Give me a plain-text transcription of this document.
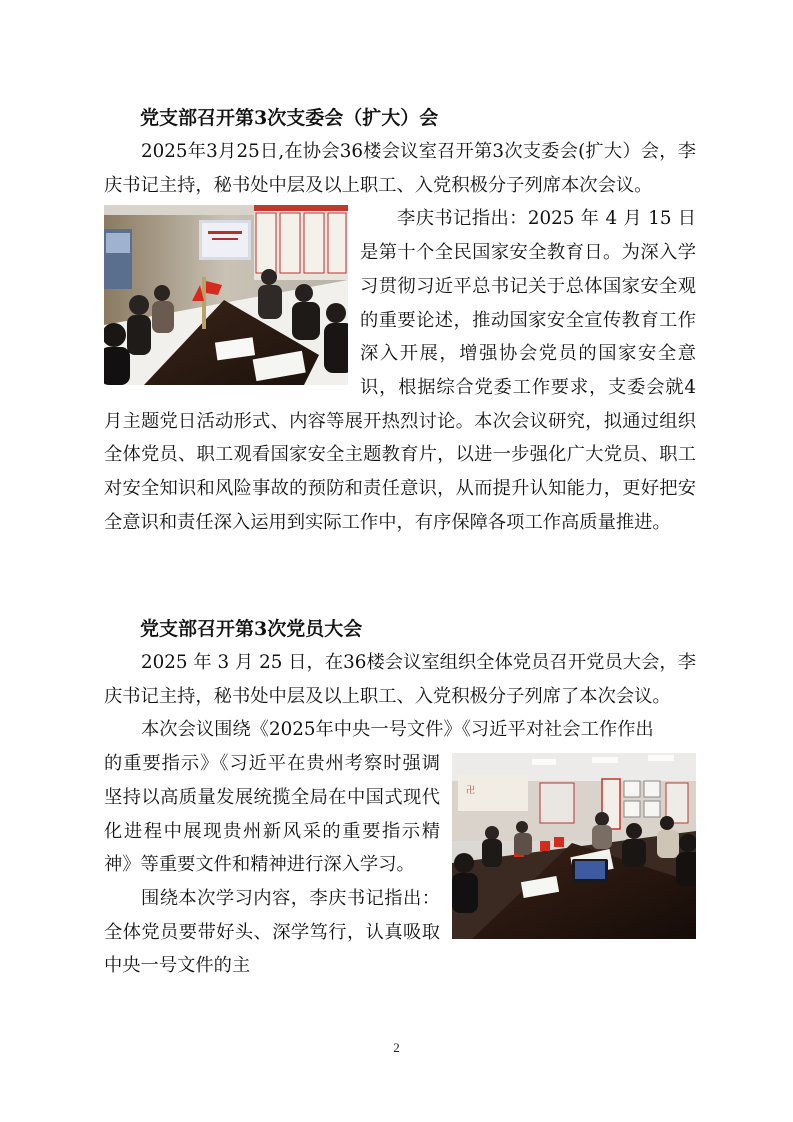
党支部召开第3次支委会（扩大）会

2025年3月25日,在协会36楼会议室召开第3次支委会(扩大）会，李庆书记主持，秘书处中层及以上职工、入党积极分子列席本次会议。

李庆书记指出：2025 年 4 月 15 日是第十个全民国家安全教育日。为深入学习贯彻习近平总书记关于总体国家安全观的重要论述，推动国家安全宣传教育工作深入开展，增强协会党员的国家安全意识，根据综合党委工作要求，支委会就4月主题党日活动形式、内容等展开热烈讨论。本次会议研究，拟通过组织全体党员、职工观看国家安全主题教育片，以进一步强化广大党员、职工对安全知识和风险事故的预防和责任意识，从而提升认知能力，更好把安全意识和责任深入运用到实际工作中，有序保障各项工作高质量推进。

党支部召开第3次党员大会

2025 年 3 月 25 日，在36楼会议室组织全体党员召开党员大会，李庆书记主持，秘书处中层及以上职工、入党积极分子列席了本次会议。

本次会议围绕《2025年中央一号文件》《习近平对社会工作作出

卍

的重要指示》《习近平在贵州考察时强调坚持以高质量发展统揽全局在中国式现代化进程中展现贵州新风采的重要指示精神》等重要文件和精神进行深入学习。

围绕本次学习内容，李庆书记指出：全体党员要带好头、深学笃行，认真吸取中央一号文件的主

2
